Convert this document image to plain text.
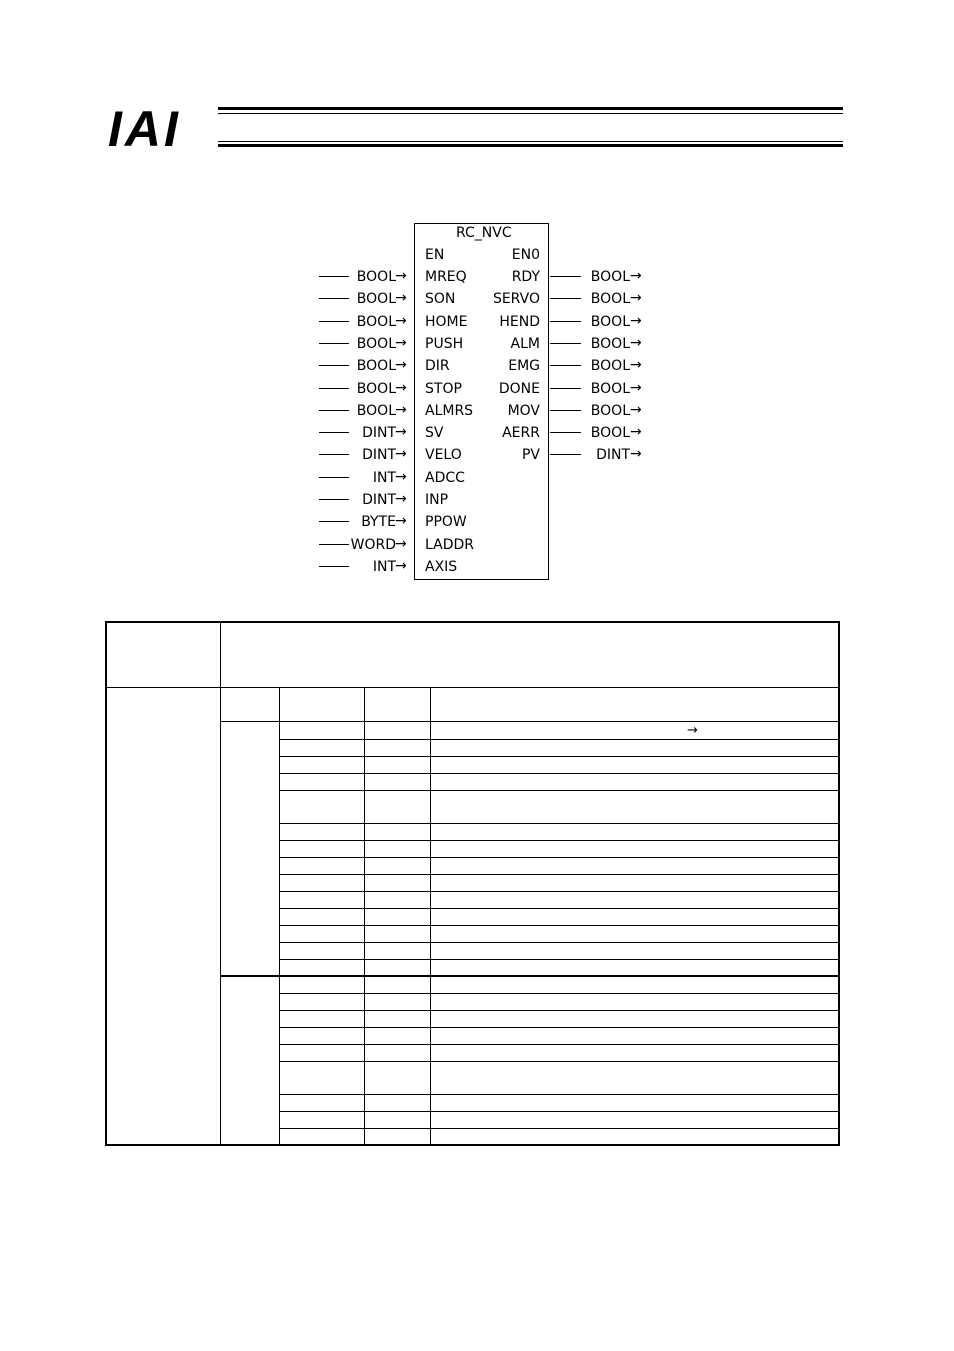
IAI
RC_NVC
EN	EN0
BOOL → MREQ
BOOL → SON
BOOL → HOME
BOOL → PUSH
BOOL → DIR
BOOL → STOP
BOOL → ALMRS
DINT → SV
DINT → VELO
INT → ADCC
DINT → INP
BYTE → PPOW
WORD → LADDR
INT → AXIS
RDY	BOOL →
SERVO	BOOL →
HEND	BOOL →
ALM	BOOL →
EMG	BOOL →
DONE	BOOL →
MOV	BOOL →
AERR	BOOL →
PV	DINT →
→
